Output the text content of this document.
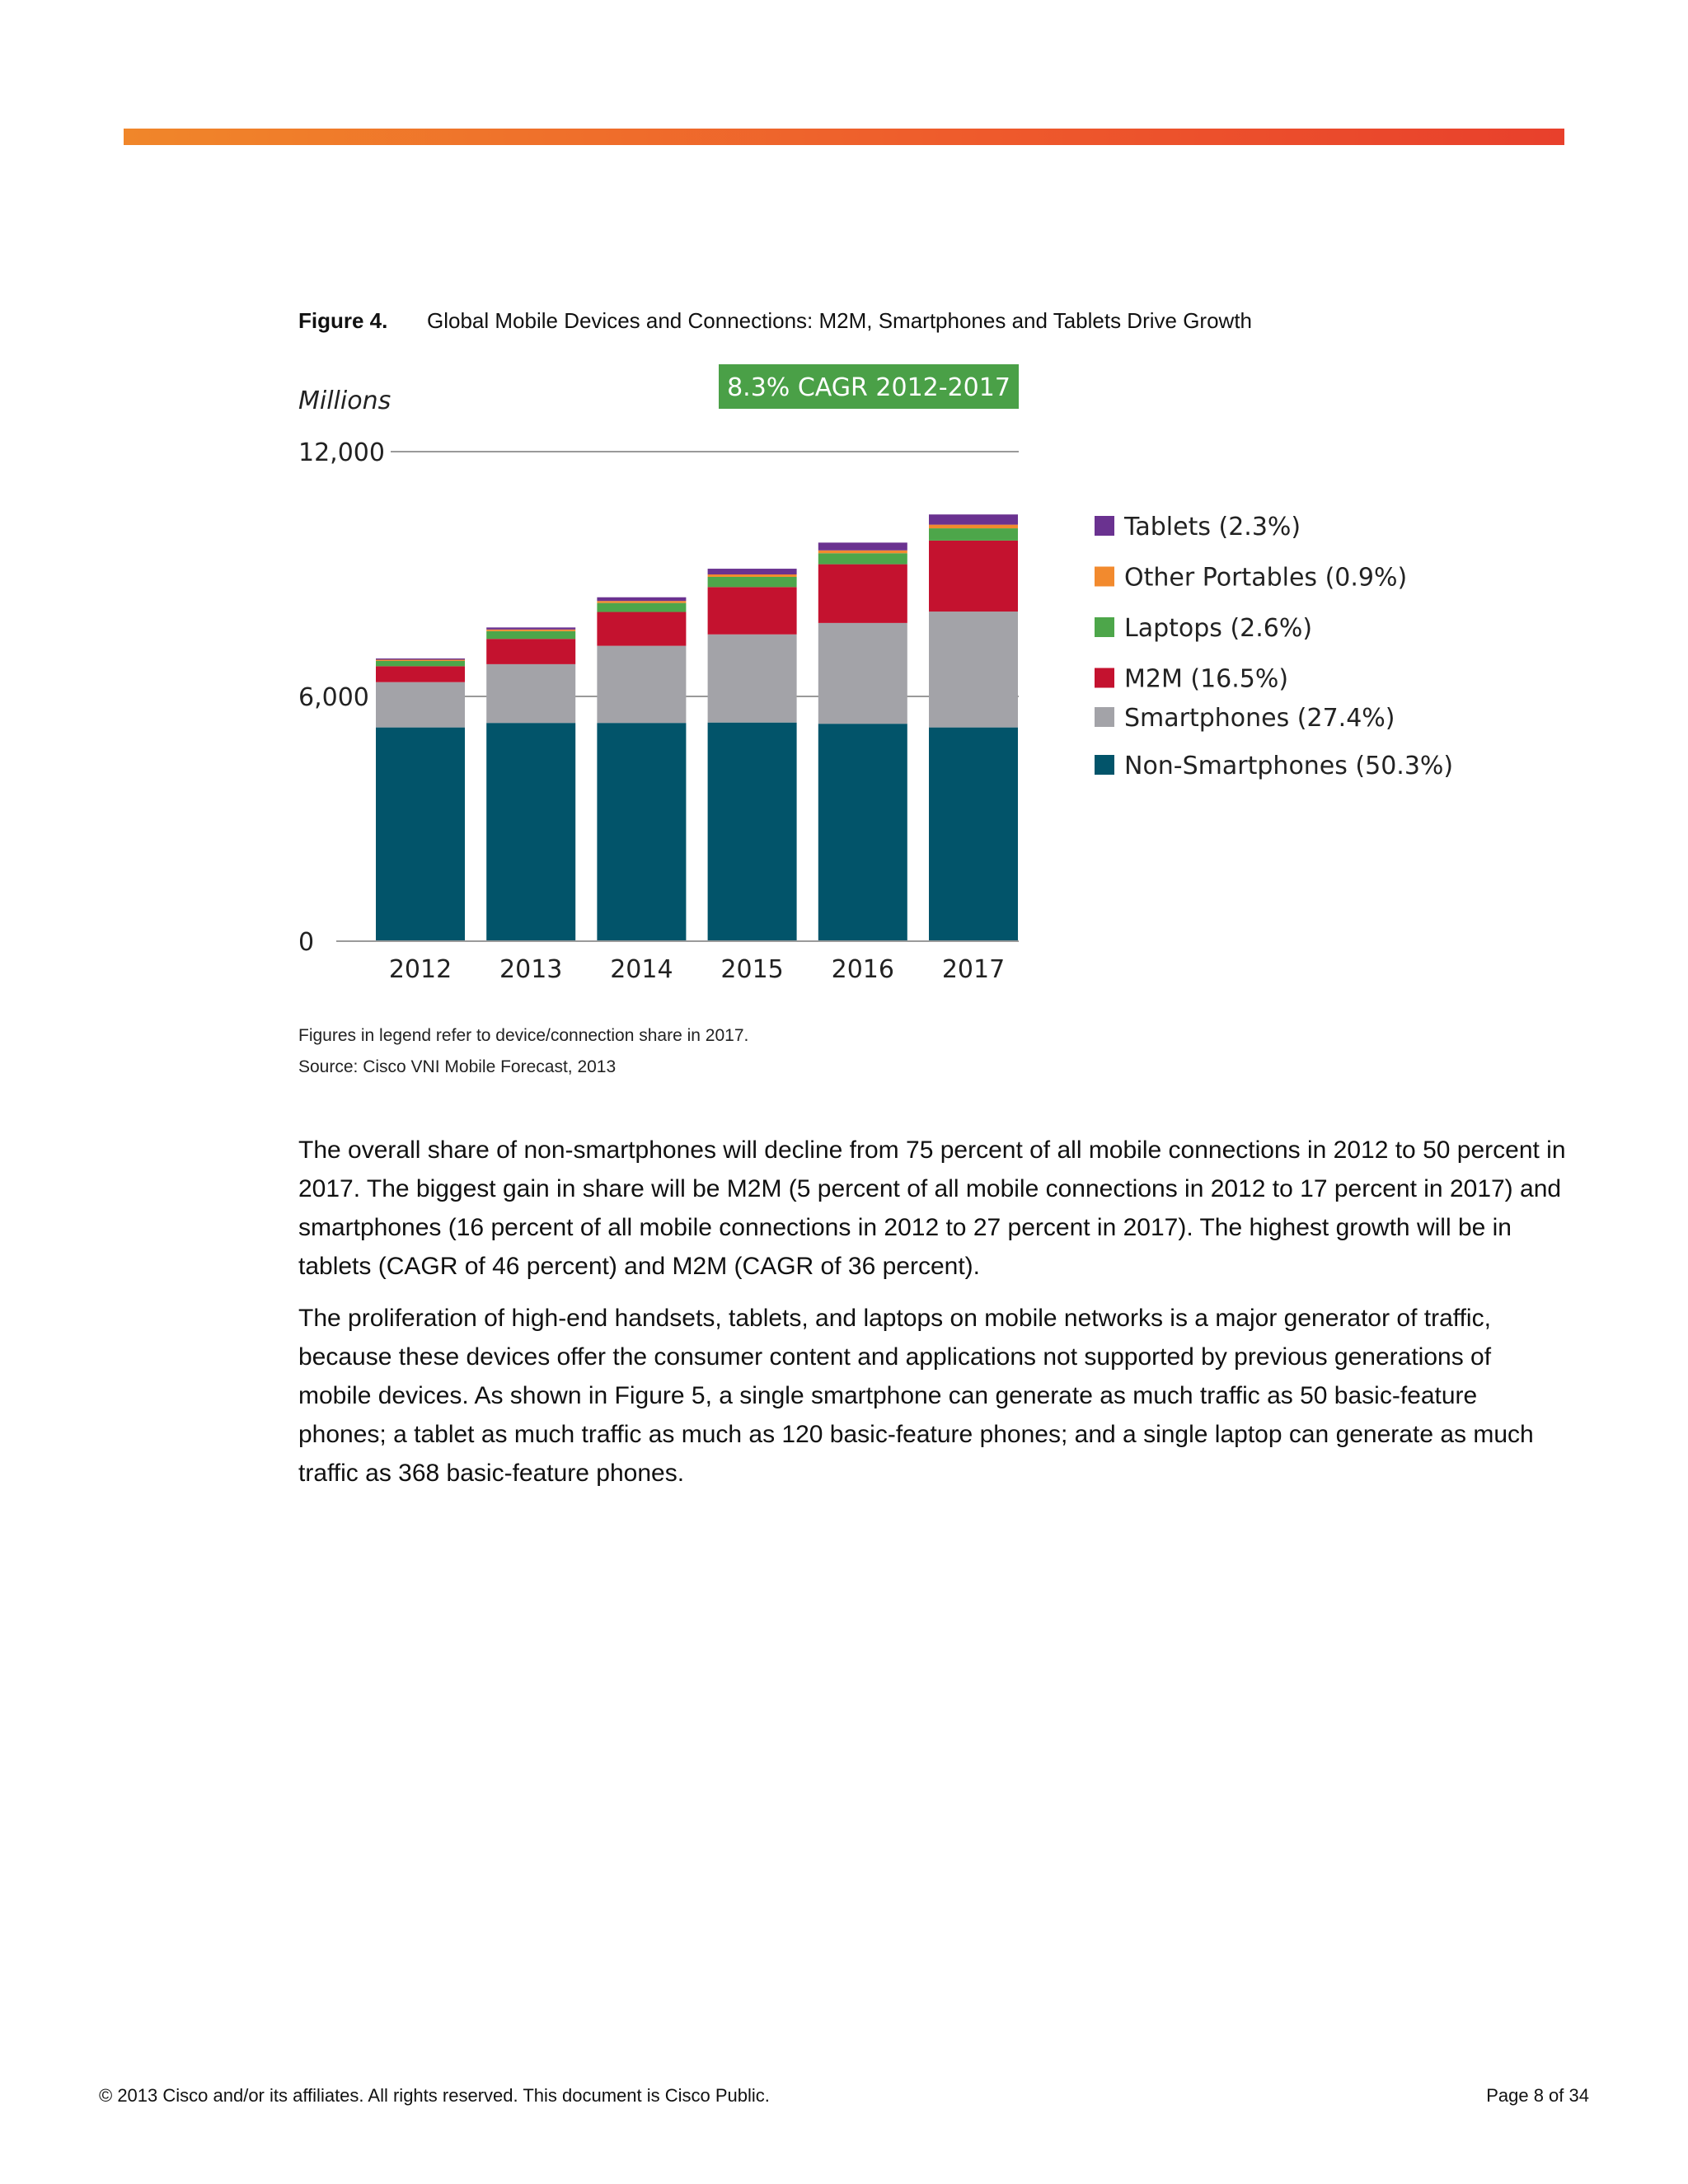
Figure 4. Global Mobile Devices and Connections: M2M, Smartphones and Tablets Drive Growth
2012 2013 2014 2015 2016 2017
0
6,000
12,000
Millions	8.3% CAGR 2012-2017
Tablets (2.3%)
Other Portables (0.9%)
Laptops (2.6%)
M2M (16.5%)
Smartphones (27.4%)
Non-Smartphones (50.3%)
Figures in legend refer to device/connection share in 2017.
Source: Cisco VNI Mobile Forecast, 2013

The overall share of non-smartphones will decline from 75 percent of all mobile connections in 2012 to 50 percent in 2017. The biggest gain in share will be M2M (5 percent of all mobile connections in 2012 to 17 percent in 2017) and smartphones (16 percent of all mobile connections in 2012 to 27 percent in 2017). The highest growth will be in tablets (CAGR of 46 percent) and M2M (CAGR of 36 percent).

The proliferation of high-end handsets, tablets, and laptops on mobile networks is a major generator of traffic, because these devices offer the consumer content and applications not supported by previous generations of mobile devices. As shown in Figure 5, a single smartphone can generate as much traffic as 50 basic-feature phones; a tablet as much traffic as much as 120 basic-feature phones; and a single laptop can generate as much traffic as 368 basic-feature phones.

© 2013 Cisco and/or its affiliates. All rights reserved. This document is Cisco Public.	Page 8 of 34
